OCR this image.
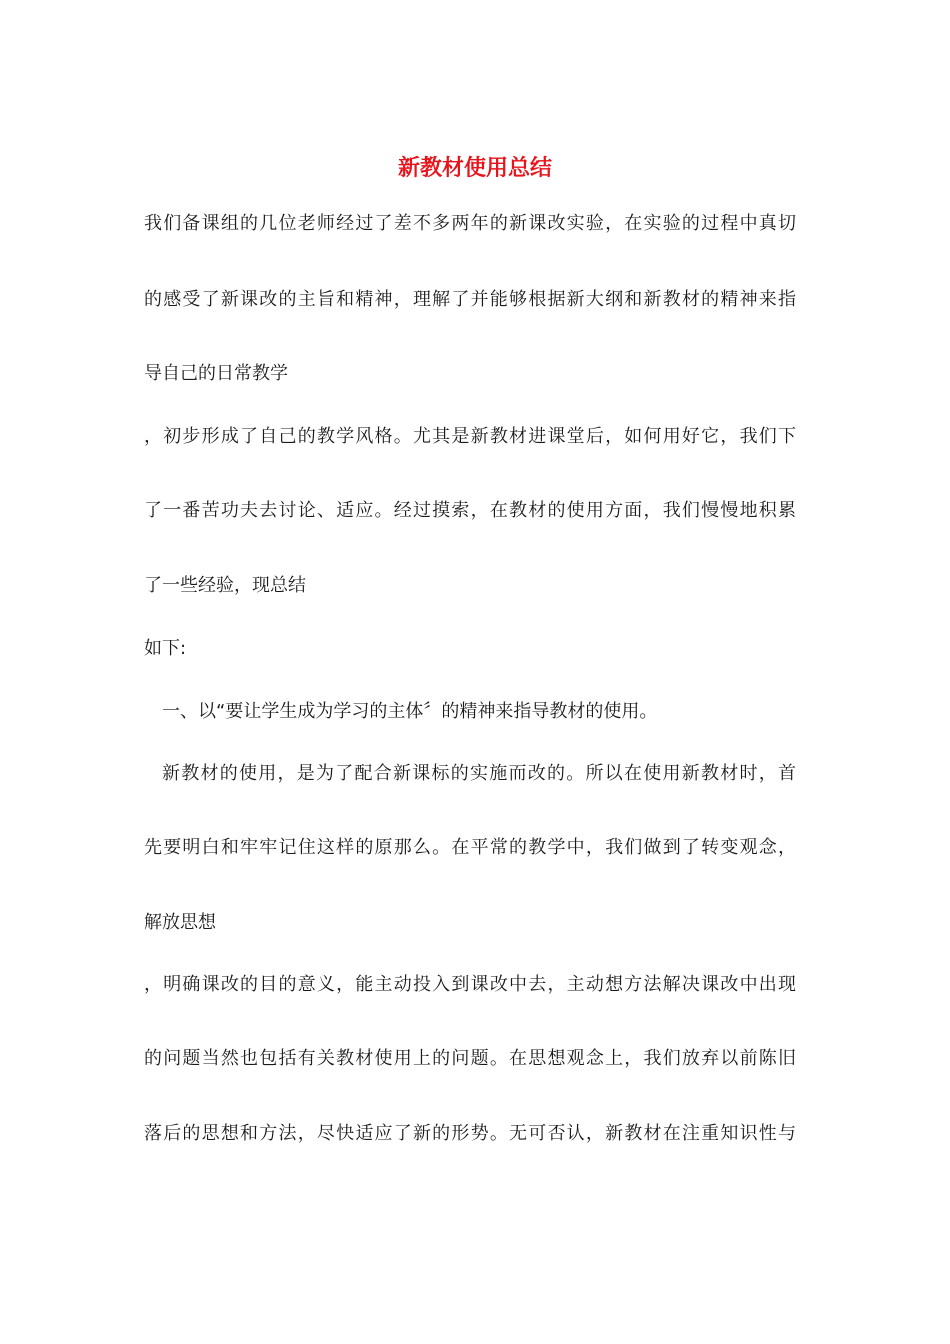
新教材使用总结
我们备课组的几位老师经过了差不多两年的新课改实验，在实验的过程中真切
的感受了新课改的主旨和精神，理解了并能够根据新大纲和新教材的精神来指
导自己的日常教学
，初步形成了自己的教学风格。尤其是新教材进课堂后，如何用好它，我们下
了一番苦功夫去讨论、适应。经过摸索，在教材的使用方面，我们慢慢地积累
了一些经验，现总结
如下:
一、以“要让学生成为学习的主体〞的精神来指导教材的使用。
新教材的使用，是为了配合新课标的实施而改的。所以在使用新教材时，首
先要明白和牢牢记住这样的原那么。在平常的教学中，我们做到了转变观念，
解放思想
，明确课改的目的意义，能主动投入到课改中去，主动想方法解决课改中出现
的问题当然也包括有关教材使用上的问题。在思想观念上，我们放弃以前陈旧
落后的思想和方法，尽快适应了新的形势。无可否认，新教材在注重知识性与
